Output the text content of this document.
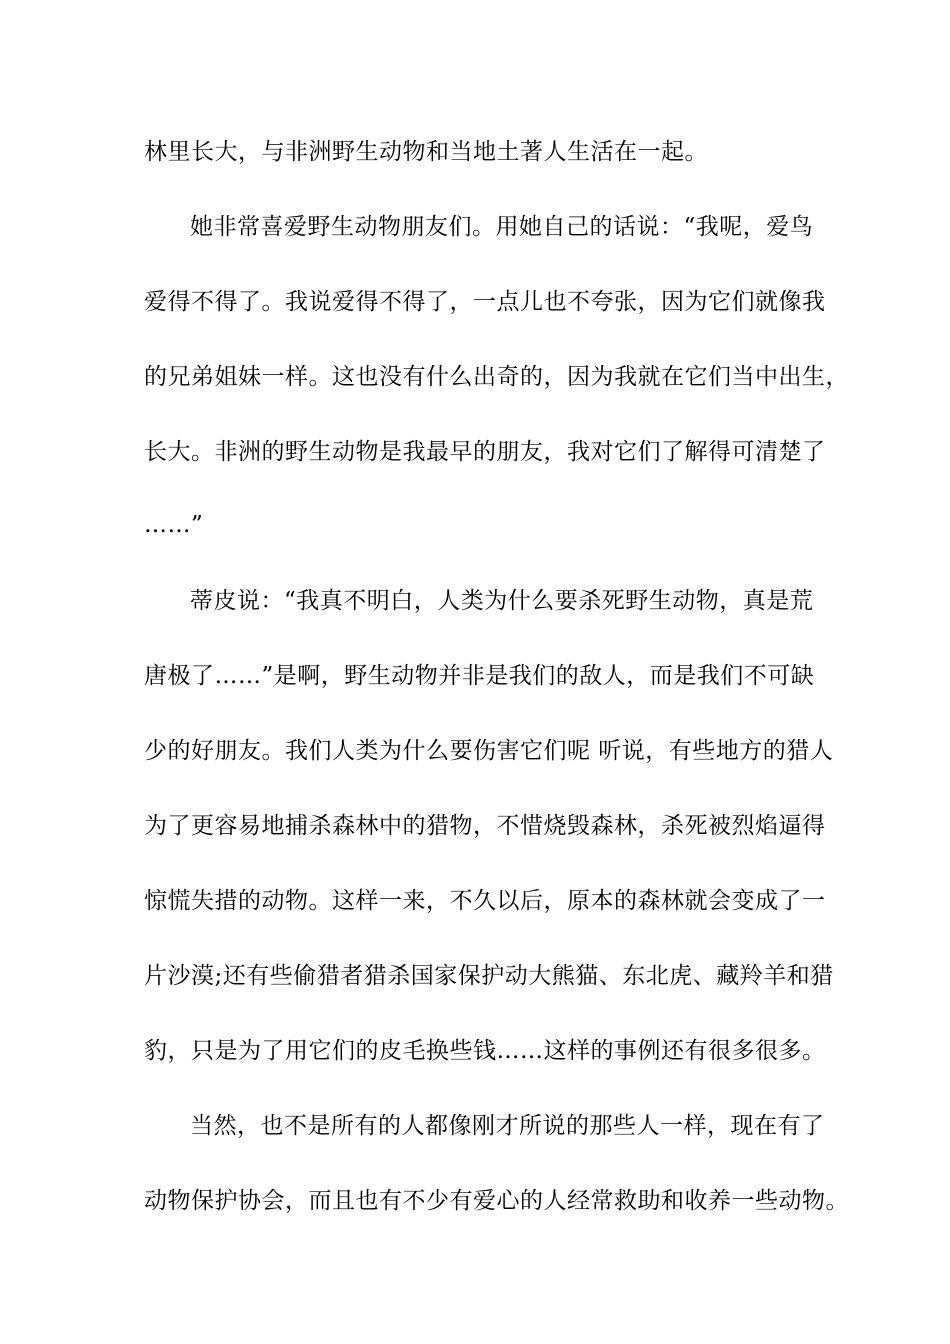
林里长大，与非洲野生动物和当地土著人生活在一起。
她非常喜爱野生动物朋友们。用她自己的话说：“我呢，爱鸟
爱得不得了。我说爱得不得了，一点儿也不夸张，因为它们就像我
的兄弟姐妹一样。这也没有什么出奇的，因为我就在它们当中出生，
长大。非洲的野生动物是我最早的朋友，我对它们了解得可清楚了
……”
蒂皮说：“我真不明白，人类为什么要杀死野生动物，真是荒
唐极了……”是啊，野生动物并非是我们的敌人，而是我们不可缺
少的好朋友。我们人类为什么要伤害它们呢 听说，有些地方的猎人
为了更容易地捕杀森林中的猎物，不惜烧毁森林，杀死被烈焰逼得
惊慌失措的动物。这样一来，不久以后，原本的森林就会变成了一
片沙漠;还有些偷猎者猎杀国家保护动大熊猫、东北虎、藏羚羊和猎
豹，只是为了用它们的皮毛换些钱……这样的事例还有很多很多。
当然，也不是所有的人都像刚才所说的那些人一样，现在有了
动物保护协会，而且也有不少有爱心的人经常救助和收养一些动物。
